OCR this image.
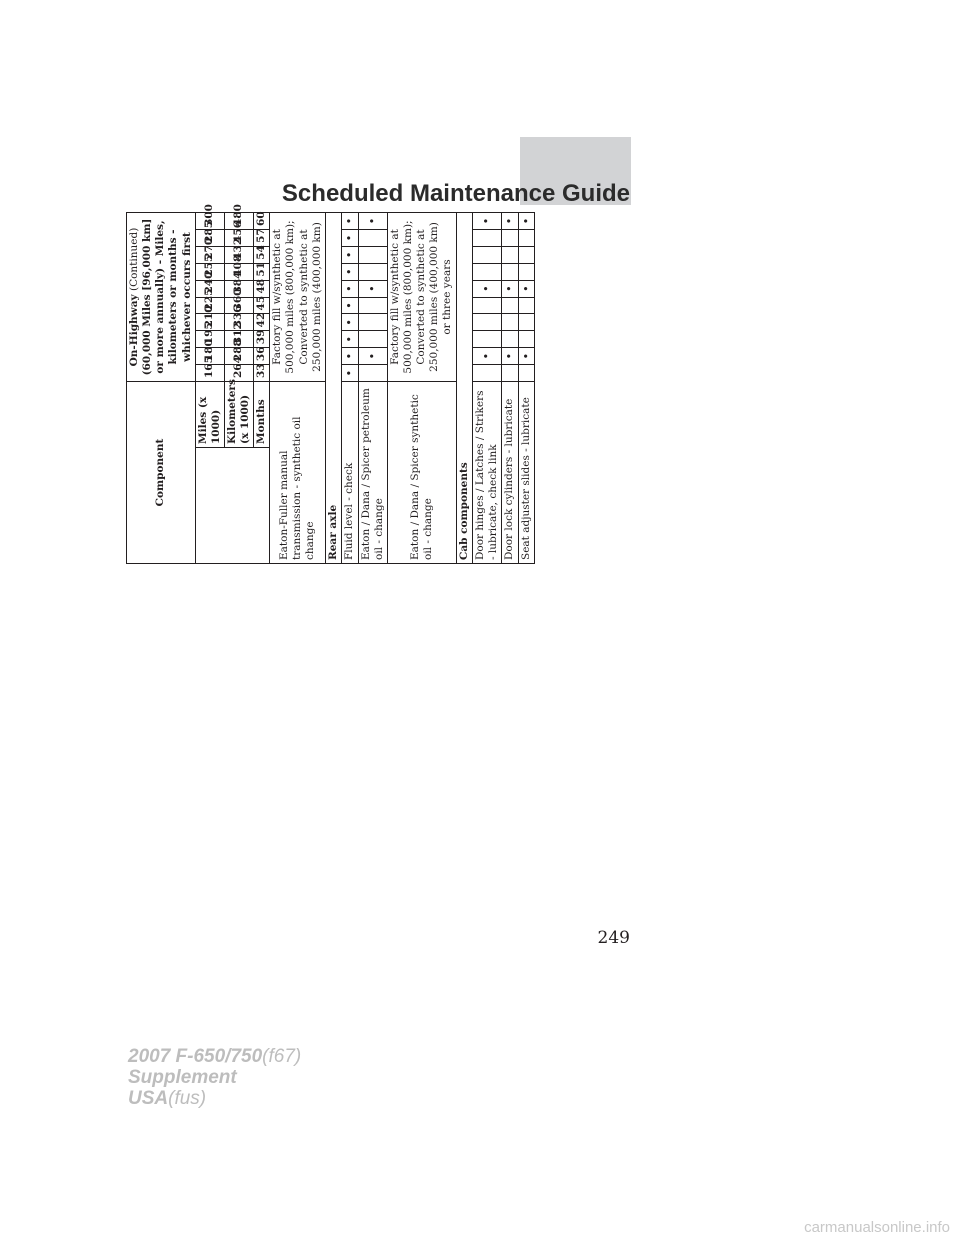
Scheduled Maintenance Guide
Component		On-Highway (Continued)
(60,000 Miles [96,000 km] or more annually) - Miles, kilometers or months - whichever occurs first									
	Miles (x 1000)	165	180	195	210	225	240	255	270	285	300
	Kilometers (x 1000)	264	288	312	336	360	384	408	432	456	480
	Months	33	36	39	42	45	48	51	54	57	60
Eaton-Fuller manual transmission - synthetic oil change		Factory fill w/synthetic at 500,000 miles (800,000 km); Converted to synthetic at 250,000 miles (400,000 km)									
Rear axle											
Fluid level - check		•	•	•	•	•	•	•	•	•	•
Eaton / Dana / Spicer petroleum oil - change			•				•				•
Eaton / Dana / Spicer synthetic oil - change		Factory fill w/synthetic at 500,000 miles (800,000 km); Converted to synthetic at 250,000 miles (400,000 km) or three years									
Cab components											
Door hinges / Latches / Strikers - lubricate, check link			•				•				•
Door lock cylinders - lubricate			•				•				•
Seat adjuster slides - lubricate			•				•				•
249
2007 F-650/750(f67)
Supplement
USA(fus)
carmanualsonline.info
